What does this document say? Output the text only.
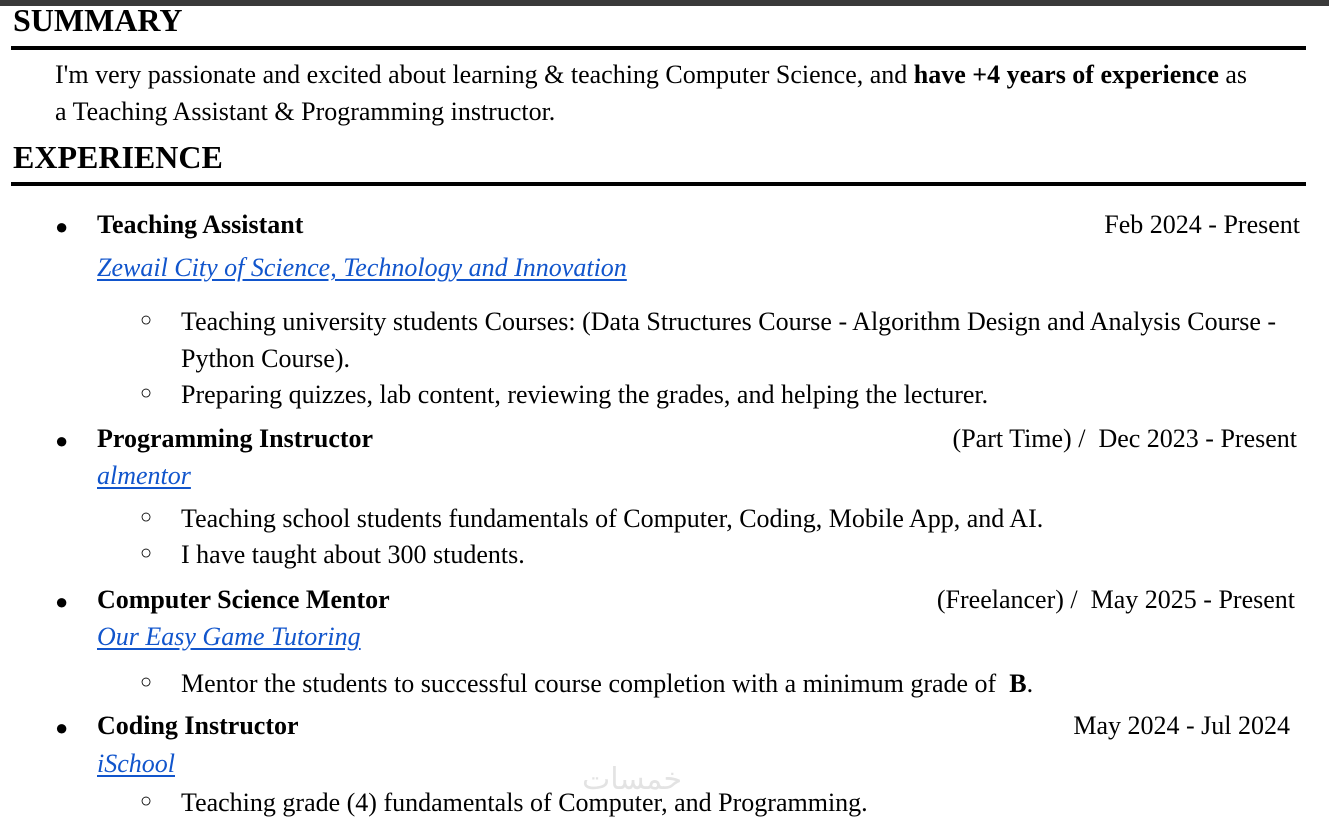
SUMMARY

I'm very passionate and excited about learning & teaching Computer Science, and have +4 years of experience as a Teaching Assistant & Programming instructor.

EXPERIENCE
● Teaching Assistant	Feb 2024 - Present
Zewail City of Science, Technology and Innovation
○ Teaching university students Courses: (Data Structures Course - Algorithm Design and Analysis Course - Python Course).
○ Preparing quizzes, lab content, reviewing the grades, and helping the lecturer.
● Programming Instructor	(Part Time) /  Dec 2023 - Present
almentor
○ Teaching school students fundamentals of Computer, Coding, Mobile App, and AI.
○ I have taught about 300 students.
● Computer Science Mentor	(Freelancer) /  May 2025 - Present
Our Easy Game Tutoring
○ Mentor the students to successful course completion with a minimum grade of  B.
● Coding Instructor	May 2024 - Jul 2024
iSchool
○ Teaching grade (4) fundamentals of Computer, and Programming.
خمسات
